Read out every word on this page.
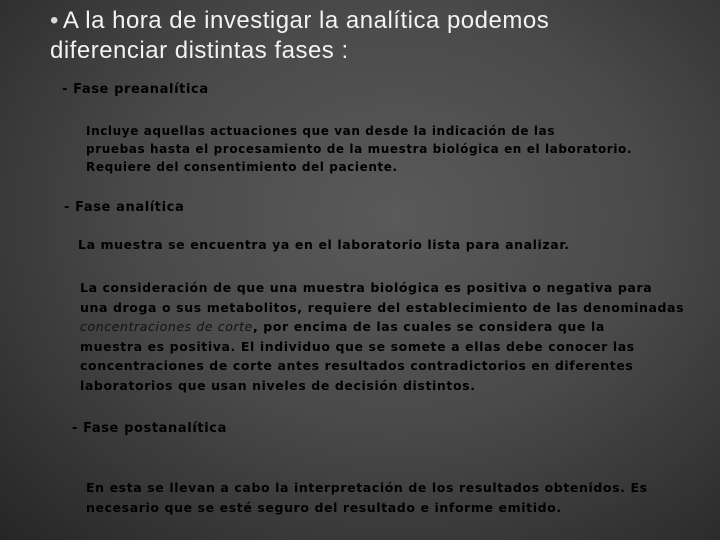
• A la hora de investigar la analítica podemos
diferenciar distintas fases :
- Fase preanalítica
Incluye aquellas actuaciones que van desde la indicación de las
pruebas hasta el procesamiento de la muestra biológica en el laboratorio.
Requiere del consentimiento del paciente.
- Fase analítica
La muestra se encuentra ya en el laboratorio lista para analizar.
La consideración de que una muestra biológica es positiva o negativa para
una droga o sus metabolitos, requiere del establecimiento de las denominadas
concentraciones de corte, por encima de las cuales se considera que la
muestra es positiva. El individuo que se somete a ellas debe conocer las
concentraciones de corte antes resultados contradictorios en diferentes
laboratorios que usan niveles de decisión distintos.
- Fase postanalítica
En esta se llevan a cabo la interpretación de los resultados obtenidos. Es
necesario que se esté seguro del resultado e informe emitido.
